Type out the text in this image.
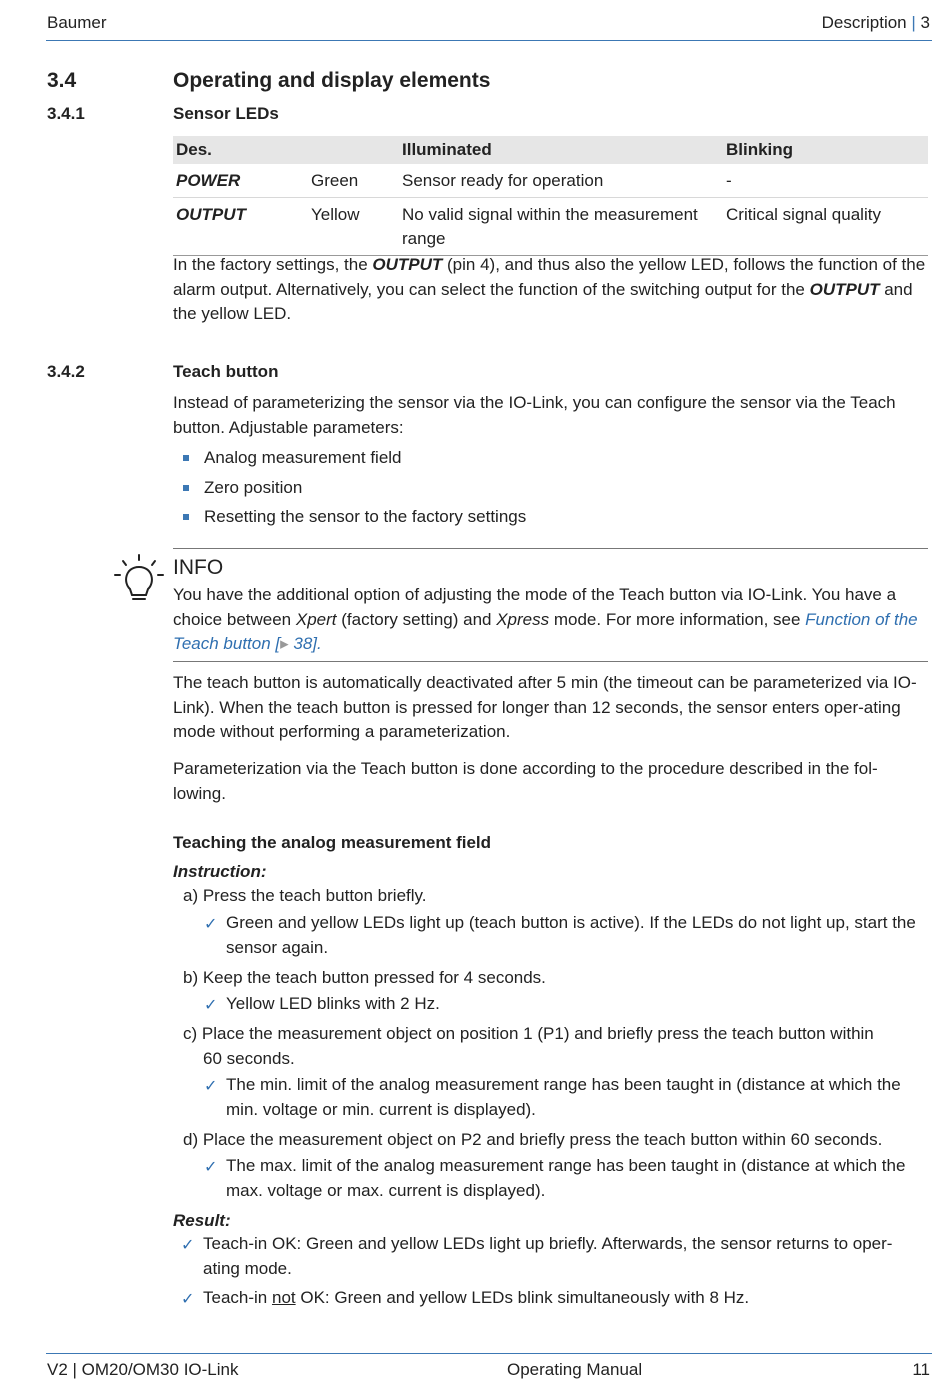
Baumer	Description | 3
3.4	Operating and display elements
3.4.1	Sensor LEDs
Des.		Illuminated	Blinking
POWER	Green	Sensor ready for operation	-
OUTPUT	Yellow	No valid signal within the measurement range	Critical signal quality
In the factory settings, the OUTPUT (pin 4), and thus also the yellow LED, follows the function of the alarm output. Alternatively, you can select the function of the switching output for the OUTPUT and the yellow LED.
3.4.2	Teach button
Instead of parameterizing the sensor via the IO-Link, you can configure the sensor via the Teach button. Adjustable parameters:
Analog measurement field
Zero position
Resetting the sensor to the factory settings
INFO
You have the additional option of adjusting the mode of the Teach button via IO-Link. You have a choice between Xpert (factory setting) and Xpress mode. For more information, see Function of the Teach button [▸ 38].
The teach button is automatically deactivated after 5 min (the timeout can be parameterized via IO-Link). When the teach button is pressed for longer than 12 seconds, the sensor enters oper-ating mode without performing a parameterization.
Parameterization via the Teach button is done according to the procedure described in the fol-lowing.
Teaching the analog measurement field
Instruction:
a) Press the teach button briefly.
✓ Green and yellow LEDs light up (teach button is active). If the LEDs do not light up, start the sensor again.
b) Keep the teach button pressed for 4 seconds.
✓ Yellow LED blinks with 2 Hz.
c) Place the measurement object on position 1 (P1) and briefly press the teach button within
60 seconds.
✓ The min. limit of the analog measurement range has been taught in (distance at which the min. voltage or min. current is displayed).
d) Place the measurement object on P2 and briefly press the teach button within 60 seconds.
✓ The max. limit of the analog measurement range has been taught in (distance at which the max. voltage or max. current is displayed).
Result:
✓ Teach-in OK: Green and yellow LEDs light up briefly. Afterwards, the sensor returns to oper-ating mode.
✓ Teach-in not OK: Green and yellow LEDs blink simultaneously with 8 Hz.
V2 | OM20/OM30 IO-Link	Operating Manual	11
